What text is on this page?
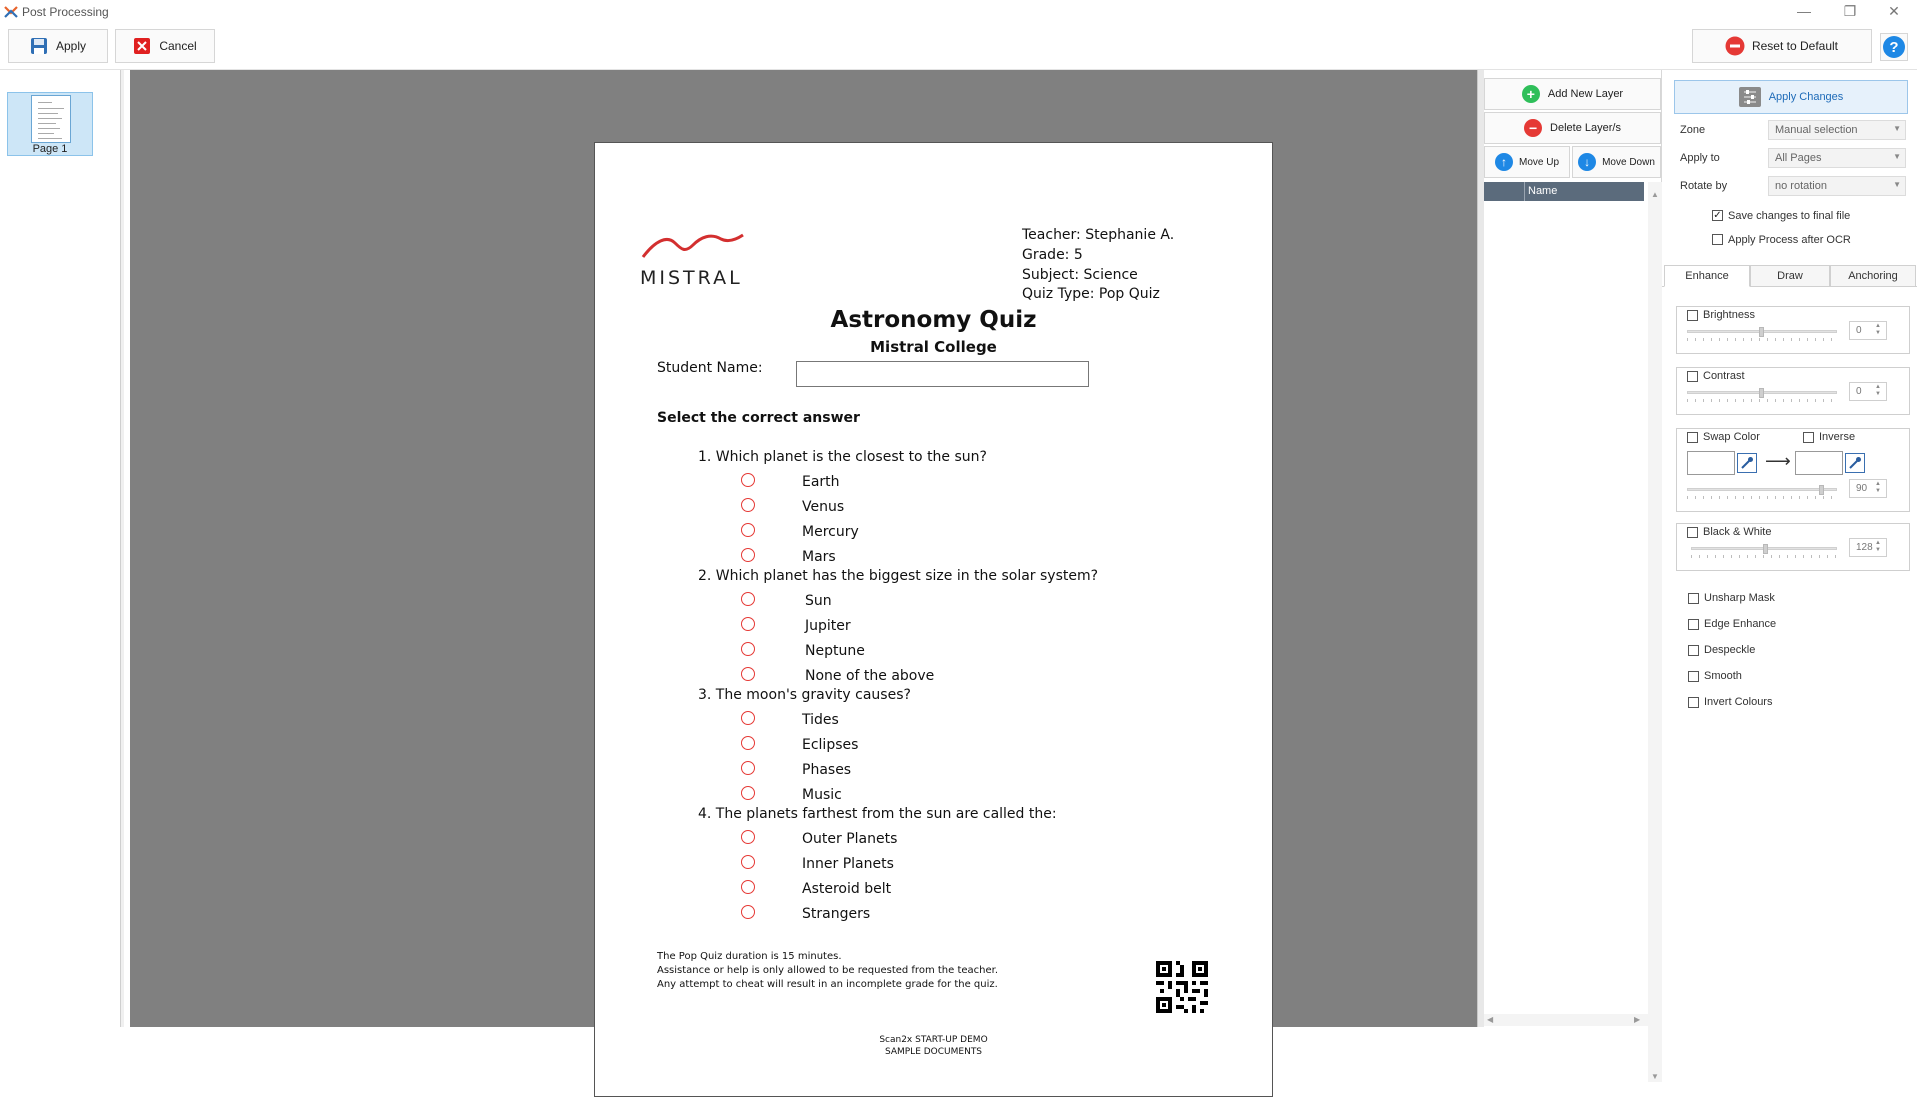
Post Processing	— ❐ ✕
Apply	Cancel	Reset to Default	?
Page 1
MISTRAL
Teacher: Stephanie A.
Grade: 5
Subject: Science
Quiz Type: Pop Quiz
Astronomy Quiz
Mistral College
Student Name:
Select the correct answer
1. Which planet is the closest to the sun?
Earth
Venus
Mercury
Mars
2. Which planet has the biggest size in the solar system?
Sun
Jupiter
Neptune
None of the above
3. The moon's gravity causes?
Tides
Eclipses
Phases
Music
4. The planets farthest from the sun are called the:
Outer Planets
Inner Planets
Asteroid belt
Strangers
The Pop Quiz duration is 15 minutes.
Assistance or help is only allowed to be requested from the teacher.
Any attempt to cheat will result in an incomplete grade for the quiz.
Scan2x START-UP DEMO
SAMPLE DOCUMENTS
+	Add New Layer
−	Delete Layer/s
↑	Move Up	↓	Move Down
Name	▲
▼
◀	▶
Apply Changes
Zone	Manual selection	▼
Apply to	All Pages	▼
Rotate by	no rotation	▼
✓ Save changes to final file
Apply Process after OCR
Enhance	Draw	Anchoring
Brightness
0 ▲
▼
Contrast
0 ▲
▼
Swap Color	Inverse
⟶
90 ▲
▼
Black & White
128 ▲
▼
Unsharp Mask
Edge Enhance
Despeckle
Smooth
Invert Colours
